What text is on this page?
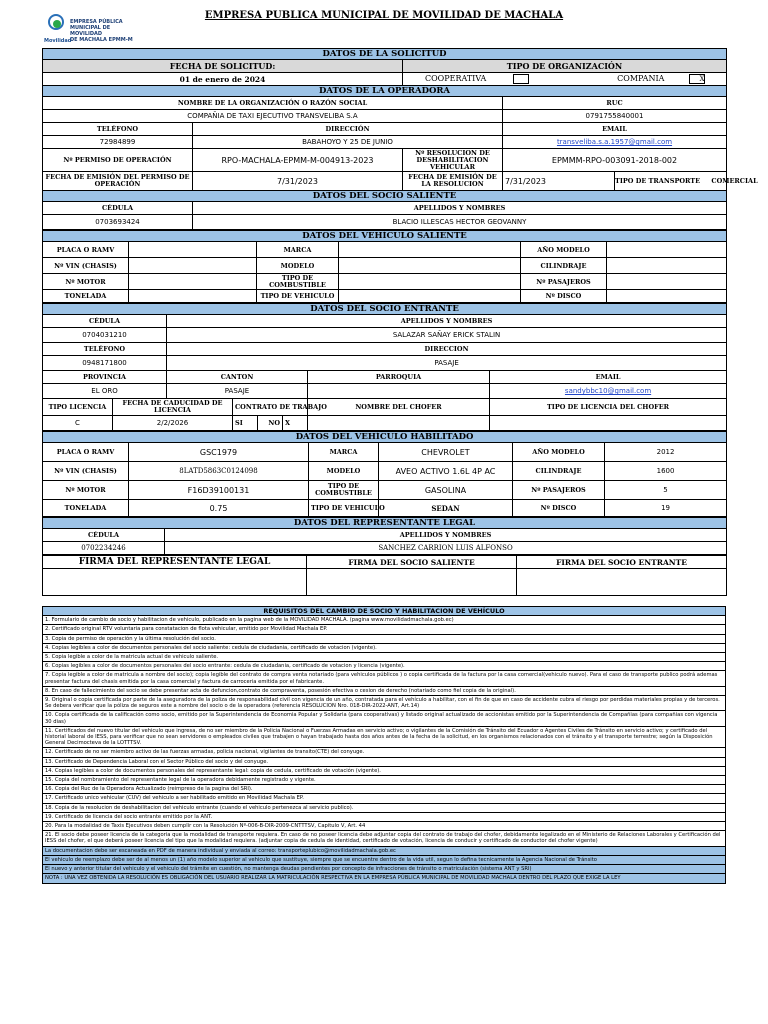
EMPRESA PÚBLICA
MUNICIPAL DE MOVILIDAD
DE MACHALA EPMM-M
Movilidad
EMPRESA PUBLICA MUNICIPAL DE MOVILIDAD DE MACHALA
DATOS DE LA SOLICITUD				
FECHA DE SOLICITUD:		TIPO DE ORGANIZACIÓN		
01 de enero de 2024		COOPERATIVA		COMPANIA X
DATOS DE LA OPERADORA				
NOMBRE DE LA ORGANIZACIÓN O RAZÓN SOCIAL			RUC	
COMPAÑIA DE TAXI EJECUTIVO TRANSVELIBA S.A			0791755840001	
TELÉFONO	DIRECCIÓN		EMAIL	
72984899	BABAHOYO Y 25 DE JUNIO		transveliba.s.a.1957@gmail.com	
Nº PERMISO DE OPERACIÓN	RPO-MACHALA-EPMM-M-004913-2023	Nº RESOLUCION DE DESHABILITACION VEHICULAR	EPMMM-RPO-003091-2018-002	
FECHA DE EMISIÓN DEL PERMISO DE OPERACIÓN	7/31/2023	FECHA DE EMISIÓN DE LA RESOLUCION	7/31/2023	TIPO DE TRANSPORTE COMERCIAL
DATOS DEL SOCIO SALIENTE				
CÉDULA	APELLIDOS Y NOMBRES			
0703693424	BLACIO ILLESCAS HECTOR GEOVANNY			
DATOS DEL VEHÍCULO SALIENTE					
PLACA O RAMV		MARCA		AÑO MODELO	
Nº VIN (CHASIS)		MODELO		CILINDRAJE	
Nº MOTOR		TIPO DE COMBUSTIBLE		Nº PASAJEROS	
TONELADA		TIPO DE VEHICULO		Nº DISCO	
DATOS DEL SOCIO ENTRANTE							
CÉDULA		APELLIDOS Y NOMBRES					
0704031210		SALAZAR SAÑAY ERICK STALIN					
TELÉFONO		DIRECCION					
0948171800		PASAJE					
PROVINCIA		CANTON				PARROQUIA	EMAIL
EL ORO		PASAJE					sandybbc10@gmail.com
TIPO LICENCIA	FECHA DE CADUCIDAD DE LICENCIA		CONTRATO DE TRABAJO			NOMBRE DEL CHOFER	TIPO DE LICENCIA DEL CHOFER
C	2/2/2026		SI	NO	X		
DATOS DEL VEHÍCULO HABILITADO					
PLACA O RAMV	GSC1979	MARCA	CHEVROLET	AÑO MODELO	2012
Nº VIN (CHASIS)	8LATD5863C0124098	MODELO	AVEO ACTIVO 1.6L 4P AC	CILINDRAJE	1600
Nº MOTOR	F16D39100131	TIPO DE COMBUSTIBLE	GASOLINA	Nº PASAJEROS	5
TONELADA	0.75	TIPO DE VEHICULO	SEDAN	Nº DISCO	19
DATOS DEL REPRESENTANTE LEGAL	
CÉDULA	APELLIDOS Y NOMBRES
0702234246	SANCHEZ CARRION LUIS ALFONSO
FIRMA DEL REPRESENTANTE LEGAL	FIRMA DEL SOCIO SALIENTE	FIRMA DEL SOCIO ENTRANTE

REQUISITOS DEL CAMBIO DE SOCIO Y HABILITACION DE VEHÍCULO
1. Formulario de cambio de socio y habilitacion de vehiculo, publicado en la pagina web de la MOVILIDAD MACHALA. (pagina www.movilidadmachala.gob.ec)
2. Certificado original RTV voluntaria para constatacion de flota vehicular, emitido por Movilidad Machala EP.
3. Copia de permiso de operación y la última resolución del socio.
4. Copias legibles a color de documentos personales del socio saliente: cedula de ciudadania, certificado de votacion (vigente).
5. Copia legible a color de la matricula actual de vehiculo saliente.
6. Copias legibles a color de documentos personales del socio entrante: cedula de ciudadania, certificado de votacion y licencia (vigente).
7. Copia legible a color de matricula a nombre del socio); copia legible del contrato de compra venta notariado (para vehiculos públicos ) o copia certificada de la factura por la casa comercial(vehiculo nuevo). Para el caso de transporte publico podrá ademas presentar factura del chasis emitida por la casa comercial y factura de carroceria emitida por el fabricante.
8. En caso de fallecimiento del socio se debe presentar acta de defuncion,contrato de compraventa, posesión efectiva o cesion de derecho (notariado como fiel copia de la original).
9. Original o copia certificada por parte de la aseguradora de la poliza de responsabilidad civil con vigencia de un año, contratada para el vehículo a habilitar, con el fin de que en caso de accidente cubra el riesgo por perdidas materiales propias y de terceros. Se debera verificar que la póliza de seguros este a nombre del socio o de la operadora (referencia RESOLUCION Nro. 018-DIR-2022-ANT, Art.14)
10. Copia certificada de la calificación como socio, emitido por la Superintendencia de Economia Popular y Solidaria (para cooperativas) y listado original actualizado de accionistas emitido por la Superintendencia de Compañias (para compañias con vigencia 30 dias)
11. Certificados del nuevo titular del vehiculo que ingresa, de no ser miembro de la Policia Nacional o Fuerzas Armadas en servicio activo; o vigilantes de la Comisión de Tránsito del Ecuador o Agentes Civiles de Tránsito en servicio activo; y certificado del historial laboral de IESS, para verificar que no sean servidores o empleados civiles que trabajen o hayan trabajado hasta dos años antes de la fecha de la solicitud, en los organismos relacionados con el tránsito y el transporte terrestre; según la Disposición General Decimocteva de la LOTTTSV.
12. Certificado de no ser miembro activo de las fuerzas armadas, policia nacional, vigilantes de transito(CTE) del conyuge.
13. Certificado de Dependencia Laboral con el Sector Público del socio y del conyuge.
14. Copias legibles a color de documentos personales del representante legal: copia de cedula, certificado de votación (vigente).
15. Copia del nombramiento del representante legal de la operadora debidamente registrado y vigente.
16. Copia del Ruc de la Operadora Actualizado (reimpreso de la pagina del SRI).
17. Certificado unico vehicular (CUV) del vehiculo a ser habilitado emitido en Movilidad Machala EP.
18. Copia de la resolucion de deshabilitacion del vehiculo entrante (cuando el vehiculo pertenezca al servicio publico).
19. Certificado de licencia del socio entrante emitido por la ANT.
20. Para la modalidad de Taxis Ejecutivos deben cumplir con la Resolución Nº-006-B-DIR-2009-CNTTTSV, Capitulo V, Art. 44
21. El socio debe poseer licencia de la categoria que la modalidad de transporte requiera. En caso de no poseer licencia debe adjuntar copia del contrato de trabajo del chofer, debidamente legalizado en el Ministerio de Relaciones Laborales y Certificación del IESS del chofer, el que deberá poseer licencia del tipo que la modalidad requiera. (adjuntar copia de cedula de identidad, certificado de votación, licencia de conducir y certificado de conductor del chofer vigente)
La documentacion debe ser escaneada en PDF de manera individual y enviada al correo: transporteplubico@movilidadmachala.gob.ec
El vehiculo de reemplazo debe ser de al menos un (1) año modelo superior al vehiculo que sustituye, siempre que se encuentre dentro de la vida util, segun lo defina tecnicamente la Agencia Nacional de Tránsito
El nuevo y anterior titular del vehiculo y el vehiculo del trámite en cuestión, no mantenga deudas pendientes por concepto de infracciones de tránsito o matriculación (sistema ANT y SRI)
NOTA : UNA VEZ OBTENIDA LA RESOLUCIÓN ES OBLIGACIÓN DEL USUARIO REALIZAR LA MATRICULACIÓN RESPECTIVA EN LA EMPRESA PÚBLICA MUNICIPAL DE MOVILIDAD MACHALA DENTRO DEL PLAZO QUE EXIGE LA LEY
